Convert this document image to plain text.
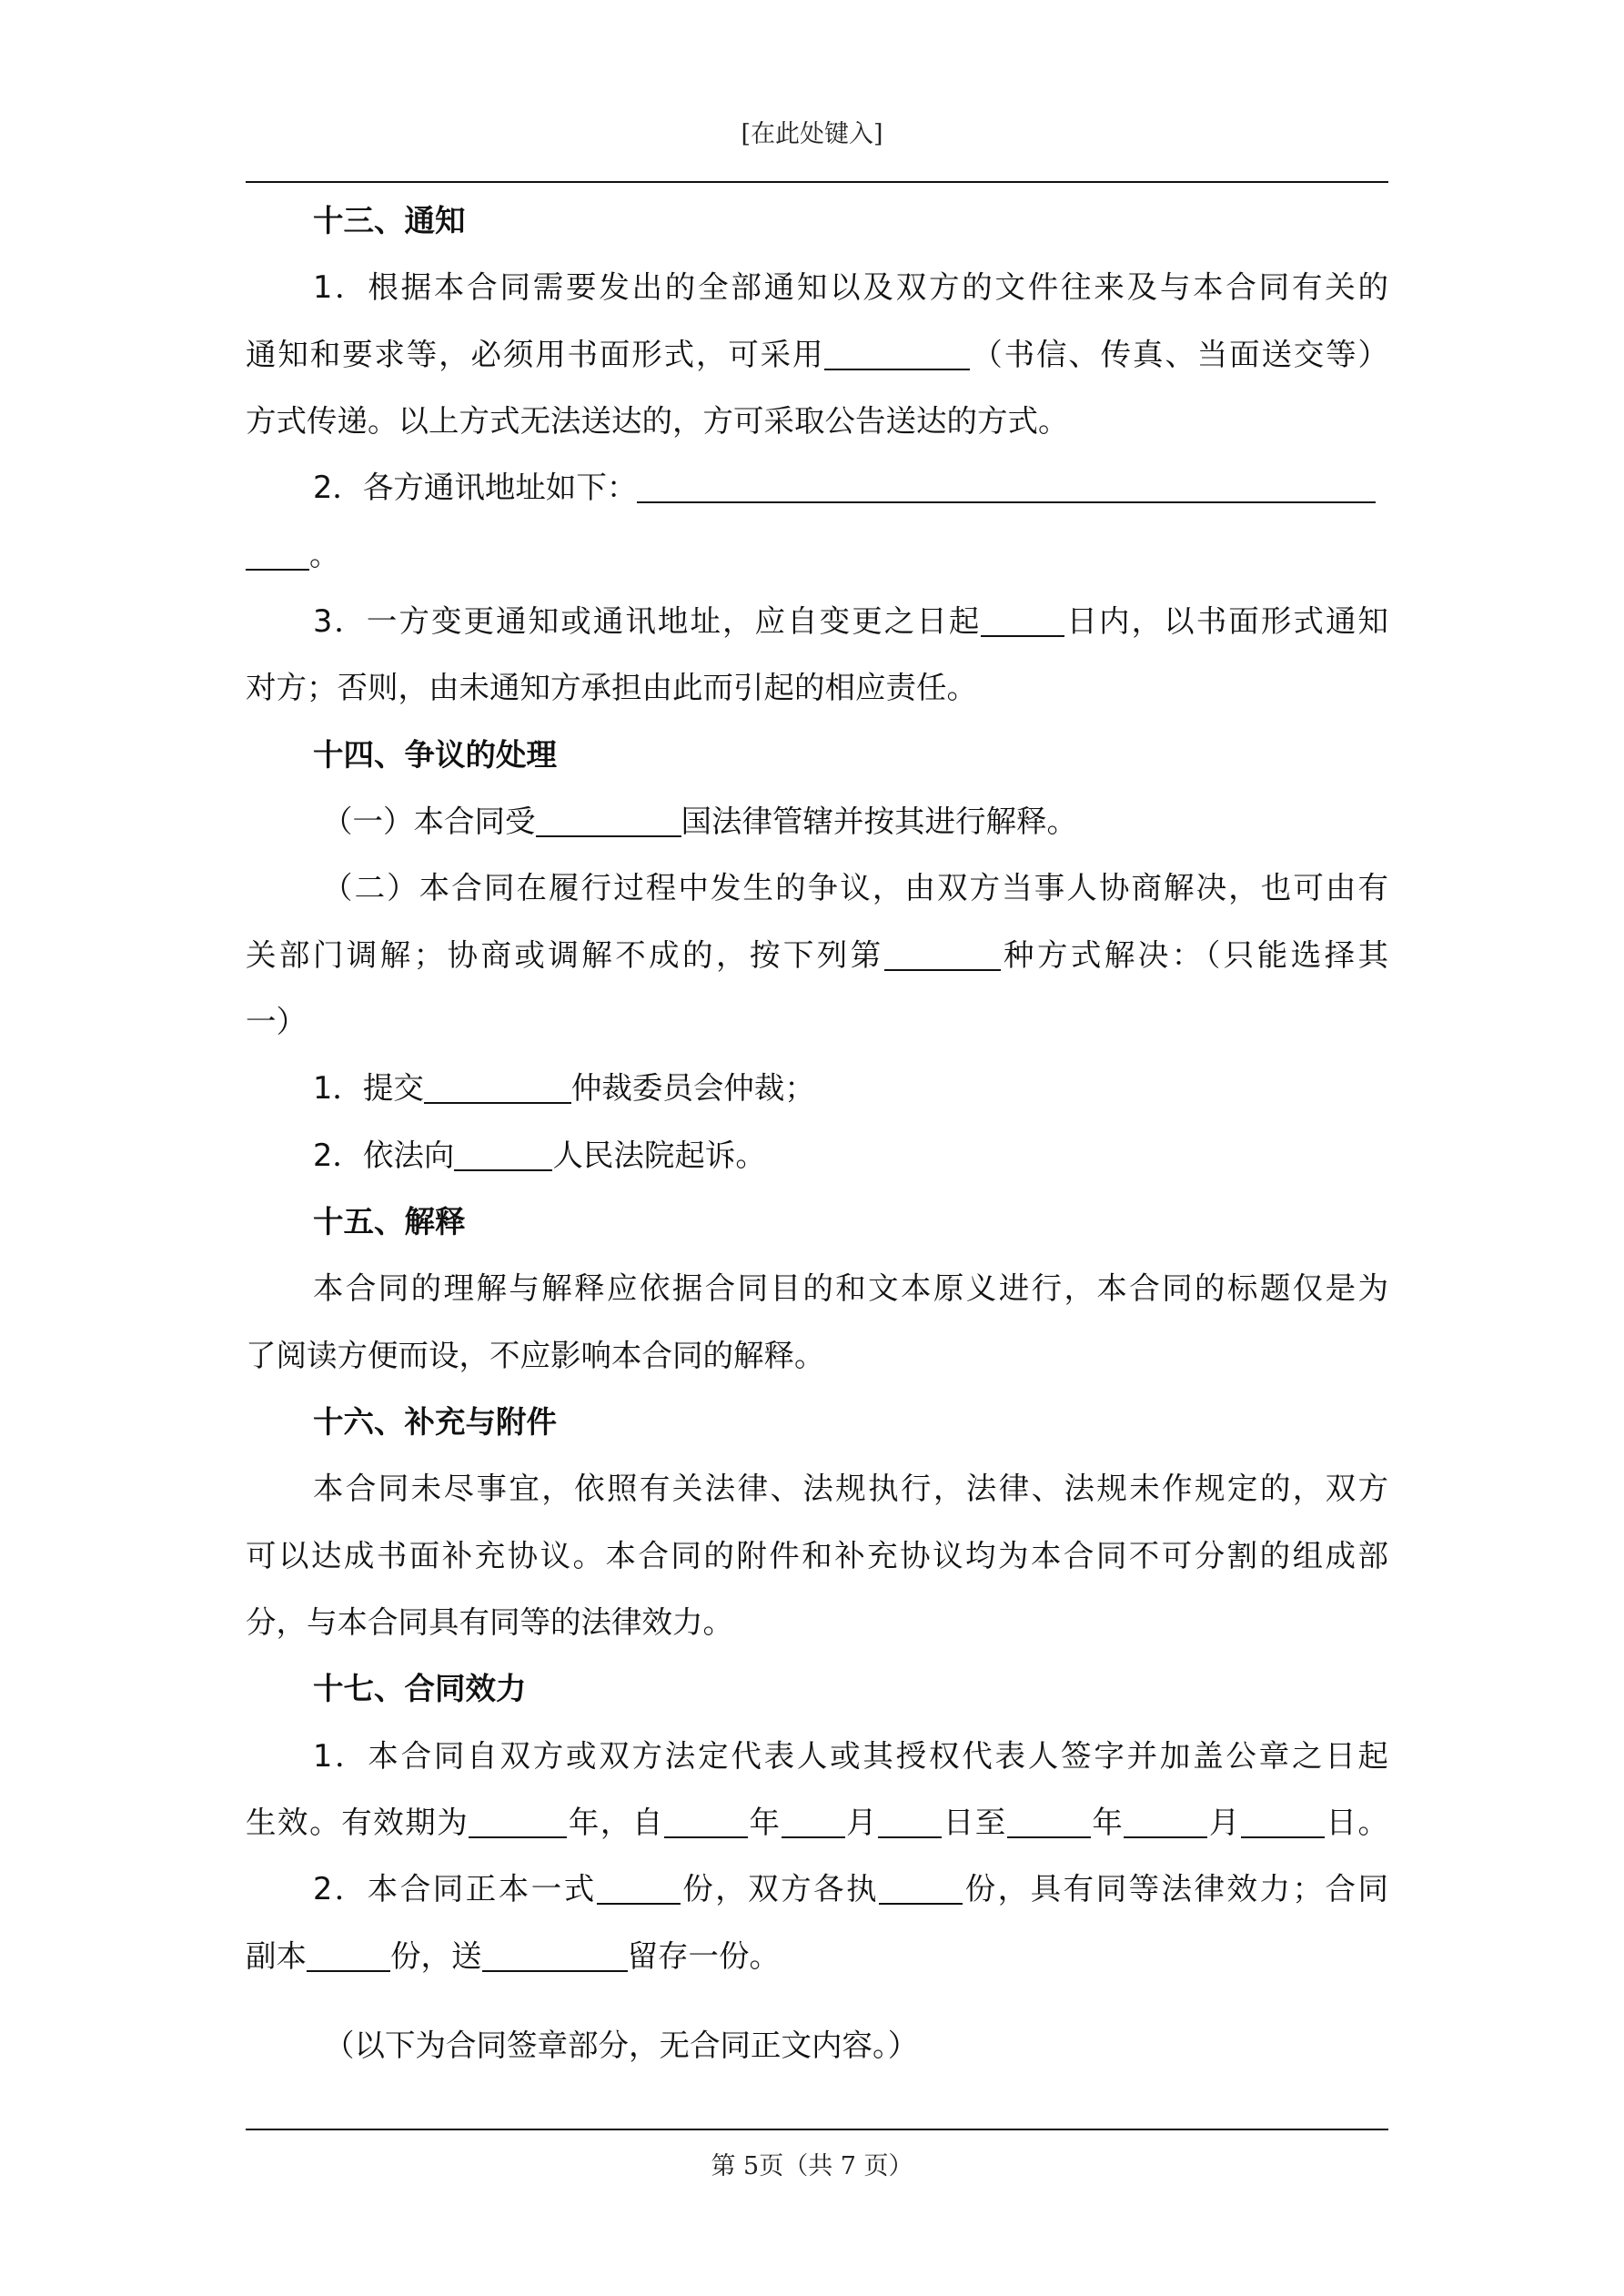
[在此处键入]
十三、通知
1．根据本合同需要发出的全部通知以及双方的文件往来及与本合同有关的
通知和要求等，必须用书面形式，可采用	（书信、传真、当面送交等）
方式传递。以上方式无法送达的，方可采取公告送达的方式。
2．各方通讯地址如下：
。
3．一方变更通知或通讯地址，应自变更之日起	日内，以书面形式通知
对方；否则，由未通知方承担由此而引起的相应责任。
十四、争议的处理
（一）本合同受	国法律管辖并按其进行解释。
（二）本合同在履行过程中发生的争议，由双方当事人协商解决，也可由有
关部门调解；协商或调解不成的，按下列第	种方式解决：（只能选择其
一）
1．提交	仲裁委员会仲裁；
2．依法向	人民法院起诉。
十五、解释
本合同的理解与解释应依据合同目的和文本原义进行，本合同的标题仅是为
了阅读方便而设，不应影响本合同的解释。
十六、补充与附件
本合同未尽事宜，依照有关法律、法规执行，法律、法规未作规定的，双方
可以达成书面补充协议。本合同的附件和补充协议均为本合同不可分割的组成部
分，与本合同具有同等的法律效力。
十七、合同效力
1．本合同自双方或双方法定代表人或其授权代表人签字并加盖公章之日起
生效。有效期为	年，自	年 月 日至	年	月	日。
2．本合同正本一式	份，双方各执	份，具有同等法律效力；合同
副本	份，送	留存一份。
（以下为合同签章部分，无合同正文内容。）
第 5页（共 7 页）
